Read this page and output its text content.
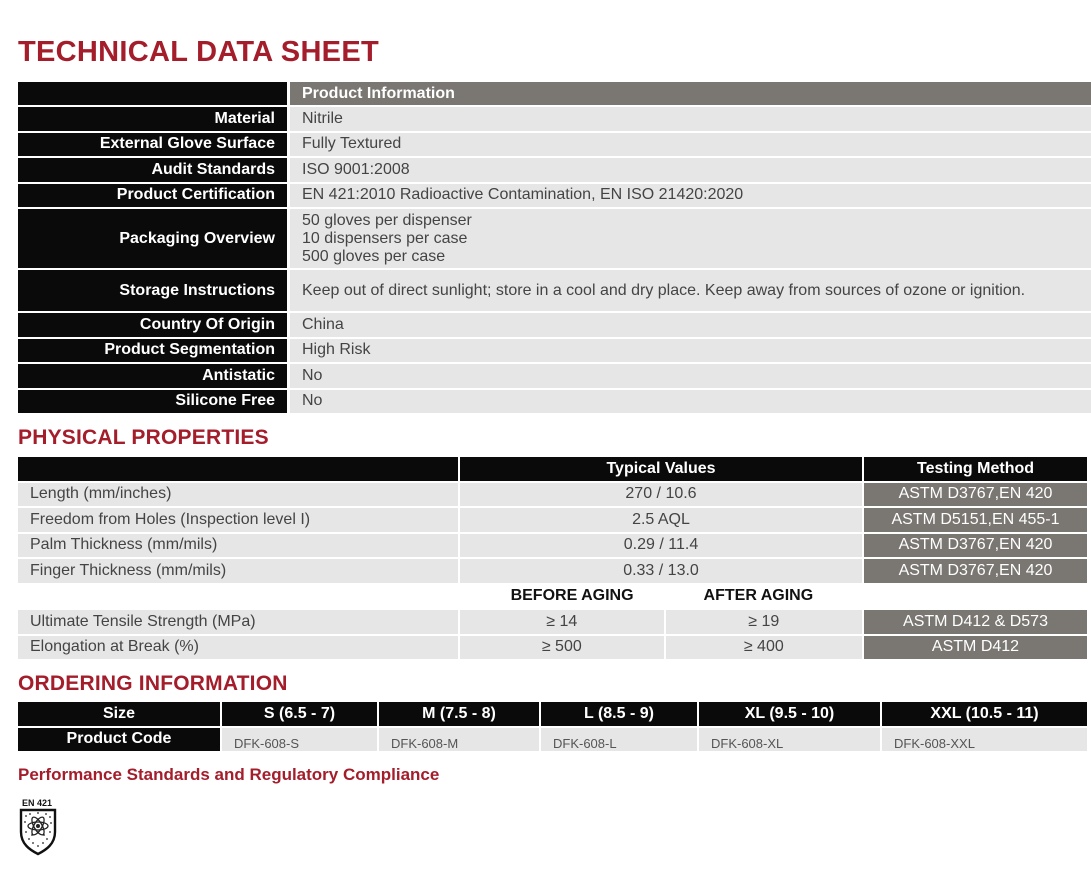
TECHNICAL DATA SHEET
		Product Information
Material		Nitrile
External Glove Surface		Fully Textured
Audit Standards		ISO 9001:2008
Product Certification		EN 421:2010 Radioactive Contamination, EN ISO 21420:2020
Packaging Overview		50 gloves per dispenser
10 dispensers per case
500 gloves per case
Storage Instructions		Keep out of direct sunlight; store in a cool and dry place. Keep away from sources of ozone or ignition.
Country Of Origin		China
Product Segmentation		High Risk
Antistatic		No
Silicone Free		No
PHYSICAL PROPERTIES
	Typical Values		Testing Method
Length (mm/inches)	270 / 10.6		ASTM D3767,EN 420
Freedom from Holes (Inspection level I)	2.5 AQL		ASTM D5151,EN 455-1
Palm Thickness (mm/mils)	0.29 / 11.4		ASTM D3767,EN 420
Finger Thickness (mm/mils)	0.33 / 13.0		ASTM D3767,EN 420
	BEFORE AGING	AFTER AGING	
Ultimate Tensile Strength (MPa)	≥ 14	≥ 19	ASTM D412 & D573
Elongation at Break (%)	≥ 500	≥ 400	ASTM D412
ORDERING INFORMATION
Size	S (6.5 - 7)	M (7.5 - 8)	L (8.5 - 9)	XL (9.5 - 10)	XXL (10.5 - 11)
Product Code	DFK-608-S	DFK-608-M	DFK-608-L	DFK-608-XL	DFK-608-XXL
Performance Standards and Regulatory Compliance
EN 421
